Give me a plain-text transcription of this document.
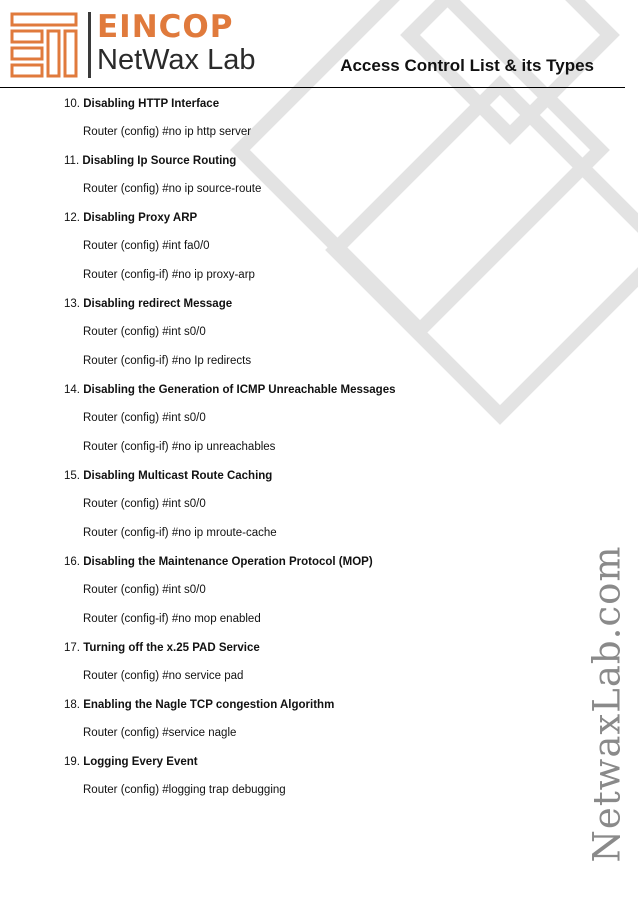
EINCOP
NetWax Lab	Access Control List & its Types
10. Disabling HTTP Interface
Router (config) #no ip http server
11. Disabling Ip Source Routing
Router (config) #no ip source-route
12. Disabling Proxy ARP
Router (config) #int fa0/0
Router (config-if) #no ip proxy-arp
13. Disabling redirect Message
Router (config) #int s0/0
Router (config-if) #no Ip redirects
14. Disabling the Generation of ICMP Unreachable Messages
Router (config) #int s0/0
Router (config-if) #no ip unreachables
15. Disabling Multicast Route Caching
Router (config) #int s0/0
Router (config-if) #no ip mroute-cache
16. Disabling the Maintenance Operation Protocol (MOP)
Router (config) #int s0/0
Router (config-if) #no mop enabled
17. Turning off the x.25 PAD Service
Router (config) #no service pad
18. Enabling the Nagle TCP congestion Algorithm
Router (config) #service nagle
19. Logging Every Event
Router (config) #logging trap debugging	NetwaxLab.com
